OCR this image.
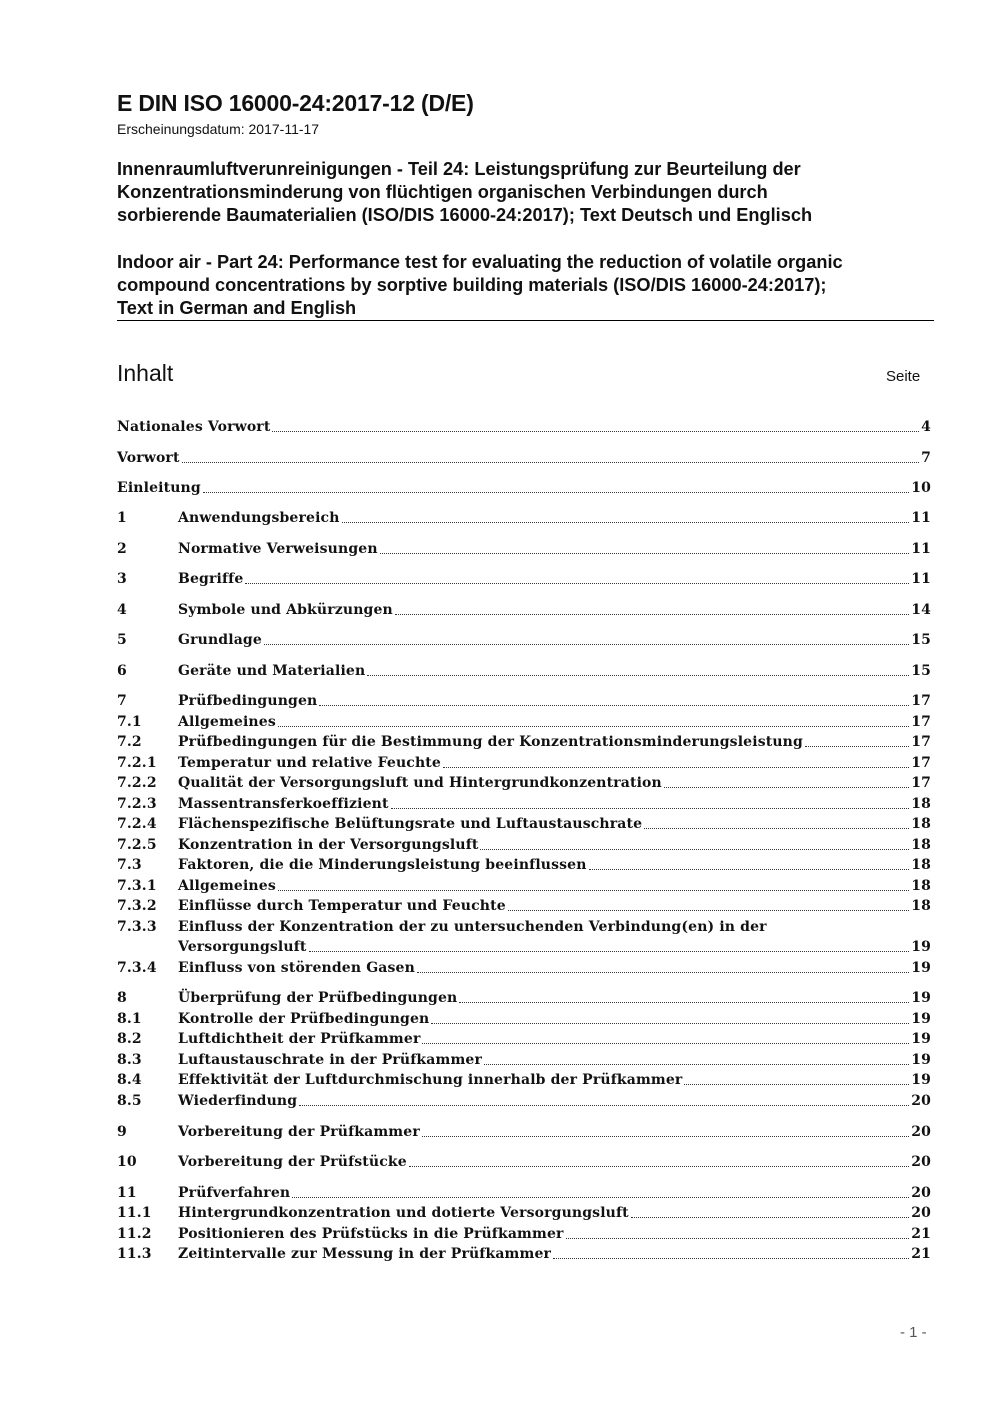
E DIN ISO 16000-24:2017-12 (D/E)
Erscheinungsdatum: 2017-11-17
Innenraumluftverunreinigungen - Teil 24: Leistungsprüfung zur Beurteilung der
Konzentrationsminderung von flüchtigen organischen Verbindungen durch
sorbierende Baumaterialien (ISO/DIS 16000-24:2017); Text Deutsch und Englisch
Indoor air - Part 24: Performance test for evaluating the reduction of volatile organic
compound concentrations by sorptive building materials (ISO/DIS 16000-24:2017);
Text in German and English
Inhalt	Seite
Nationales Vorwort	4
Vorwort	7
Einleitung	10
1	Anwendungsbereich	11
2	Normative Verweisungen	11
3	Begriffe	11
4	Symbole und Abkürzungen	14
5	Grundlage	15
6	Geräte und Materialien	15
7	Prüfbedingungen	17
7.1	Allgemeines	17
7.2	Prüfbedingungen für die Bestimmung der Konzentrationsminderungsleistung	17
7.2.1	Temperatur und relative Feuchte	17
7.2.2	Qualität der Versorgungsluft und Hintergrundkonzentration	17
7.2.3	Massentransferkoeffizient	18
7.2.4	Flächenspezifische Belüftungsrate und Luftaustauschrate	18
7.2.5	Konzentration in der Versorgungsluft	18
7.3	Faktoren, die die Minderungsleistung beeinflussen	18
7.3.1	Allgemeines	18
7.3.2	Einflüsse durch Temperatur und Feuchte	18
7.3.3	Einfluss der Konzentration der zu untersuchenden Verbindung(en) in der
Versorgungsluft	19
7.3.4	Einfluss von störenden Gasen	19
8	Überprüfung der Prüfbedingungen	19
8.1	Kontrolle der Prüfbedingungen	19
8.2	Luftdichtheit der Prüfkammer	19
8.3	Luftaustauschrate in der Prüfkammer	19
8.4	Effektivität der Luftdurchmischung innerhalb der Prüfkammer	19
8.5	Wiederfindung	20
9	Vorbereitung der Prüfkammer	20
10	Vorbereitung der Prüfstücke	20
11	Prüfverfahren	20
11.1	Hintergrundkonzentration und dotierte Versorgungsluft	20
11.2	Positionieren des Prüfstücks in die Prüfkammer	21
11.3	Zeitintervalle zur Messung in der Prüfkammer	21
- 1 -
